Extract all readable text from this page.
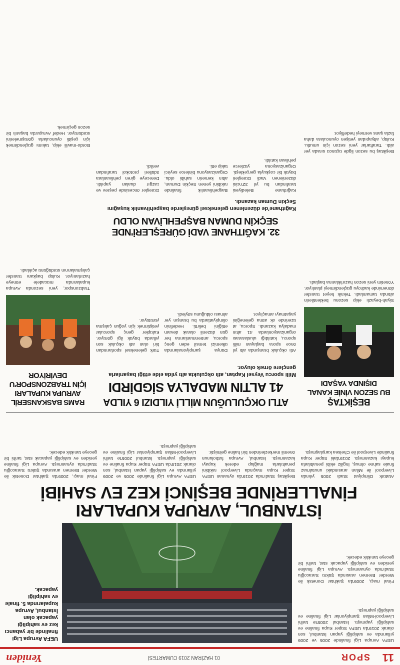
11
SPOR
01 HAZİRAN 2019 CUMARTESİ
Yeniden
UEFA Avrupa Ligi finalinde 2005 ve 2009 yıllarında ev sahipliği yapan İstanbul, son olarak 2019'da UEFA Süper Kupa finaline ev sahipliği yapmıştı. İstanbul 2005'te tarihi Liverpool-Milan Şampiyonlar Ligi finaline ev sahipliği yapmıştı.
Final maçı, 2009'da Şakhtar Donetsk ile Werder Bremen arasında Şükrü Saracoğlu Stadı'nda oynanmıştı. Avrupa Ligi finaline yeniden ev sahipliği yapacak stat, tarihi bir geceye tanıklık edecek.
UEFA Avrupa Ligi finalinde bir yabancı kez ev sahipliği yapacak olan İstanbul, Avrupa kupalarında 5. finale ev sahipliği yapacak.
İSTANBUL, AVRUPA KUPALARI
FİNALLERİNDE BEŞİNCİ KEZ EV SAHİBİ
Atatürk Olimpiyat Stadı 2005 yılında Liverpool ile Milan arasındaki unutulmaz finale sahne olmuş, İngiliz ekibi penaltılarla kupayı kazanmıştı. 2019'daki Süper Kupa finalinde Liverpool ile Chelsea karşılaşmıştı.
Beşiktaş Stadı'nda 2019'da oynanan UEFA Süper Kupa maçında Liverpool rakibini penaltılarla mağlup ederek kupayı kazanmıştı. İstanbul, Avrupa futbolunun önemli merkezlerinden biri haline gelmiştir.
UEFA Avrupa Ligi finalinde 2005 ve 2009 yıllarında ev sahipliği yapan İstanbul, son olarak 2019'da UEFA Süper Kupa finaline ev sahipliği yapmıştı. İstanbul 2005'te tarihi Liverpool-Milan Şampiyonlar Ligi finaline ev sahipliği yapmıştı.
Final maçı, 2009'da Şakhtar Donetsk ile Werder Bremen arasında Şükrü Saracoğlu Stadı'nda oynanmıştı. Avrupa Ligi finaline yeniden ev sahipliği yapacak stat, tarihi bir geceye tanıklık edecek.
BEŞİKTAŞ
BU SEZON VİNİE KANAL
DIŞINDA YAŞADI
Siyah-beyazlı ekip sezonu beklentilerin altında tamamladı. Teknik heyet transfer döneminde kadroyu güçlendirmeyi planlıyor. Yönetim yeni sezon hazırlıklarına başladı.
Beşiktaş bu sezon ligde üçüncü sırada yer aldı. Taraftarlar yeni sezon için umutlu. Kulüp, altyapıdan yetişen oyunculara daha fazla şans vermeyi hedefliyor.
ATLI OKÇULUĞUN MİLLİ YILDIZI 6 YILDA
41 ALTIN MADALYA SİGDİRDI
Milli sporcu Veysel Kaptan, atlı okçulukta altı yılda elde ettiği başarılarla gençlere örnek oluyor.
Atlı okçuluk branşında altı yıl önce spora başlayan milli sporcu, katıldığı uluslararası organizasyonlarda 41 altın madalya kazandı. Sporcu, at üzerinde ok atma geleneğini yaşatmayı amaçlıyor.
Dünya şampiyonalarında ülkemizi temsil eden genç sporcu, antrenmanlarına her gün düzenli olarak devam ettiğini belirtti. Hedefinin olimpiyatlarda bu branşın yer alması olduğunu söyledi.
Türk geleneksel sporlarından biri olan atlı okçuluk son yıllarda büyük ilgi görüyor. Kulüpler genç sporcular yetiştirmek için yoğun çalışma yürütüyor.
32. KAĞITHANE VADİ GÜREŞLERİ'NDE
SEÇKİN DUMAN BAŞPEHLİVAN OLDU
Kağıthane'de düzenlenen geleneksel güreşlerde başpehlivanlık kuşağını Seçkin Duman kazandı.
Kağıthane Belediyesi tarafından bu yıl 32'ncisi düzenlenen Vadi Güreşleri büyük bir coşkuyla gerçekleşti. Organizasyona yüzlerce pehlivan katıldı.
Başpehlivanlık finalinde rakibini yenen Seçkin Duman, altın kemerin sahibi oldu. Organizasyonu binlerce seyirci takip etti.
Güreşler öncesinde peşrev ve cazgır duaları yapıldı. Dereceye giren pehlivanlara ödülleri protokol tarafından verildi.
RAMS BASKANSERİL
AVRUPA KUPALARI
İÇİN TRABZONSPOR'U
DEVİRİYOR
Trabzonspor, yeni sezonda Avrupa kupalarında mücadele etmeye hazırlanıyor. Kulüp başkanı transfer çalışmalarının sürdüğünü açıkladı.
Bordo-mavili ekip, takımı güçlendirmek için çeşitli oyuncularla görüşmelerini sürdürüyor. Hedef Avrupa'da başarılı bir sezon geçirmek.
